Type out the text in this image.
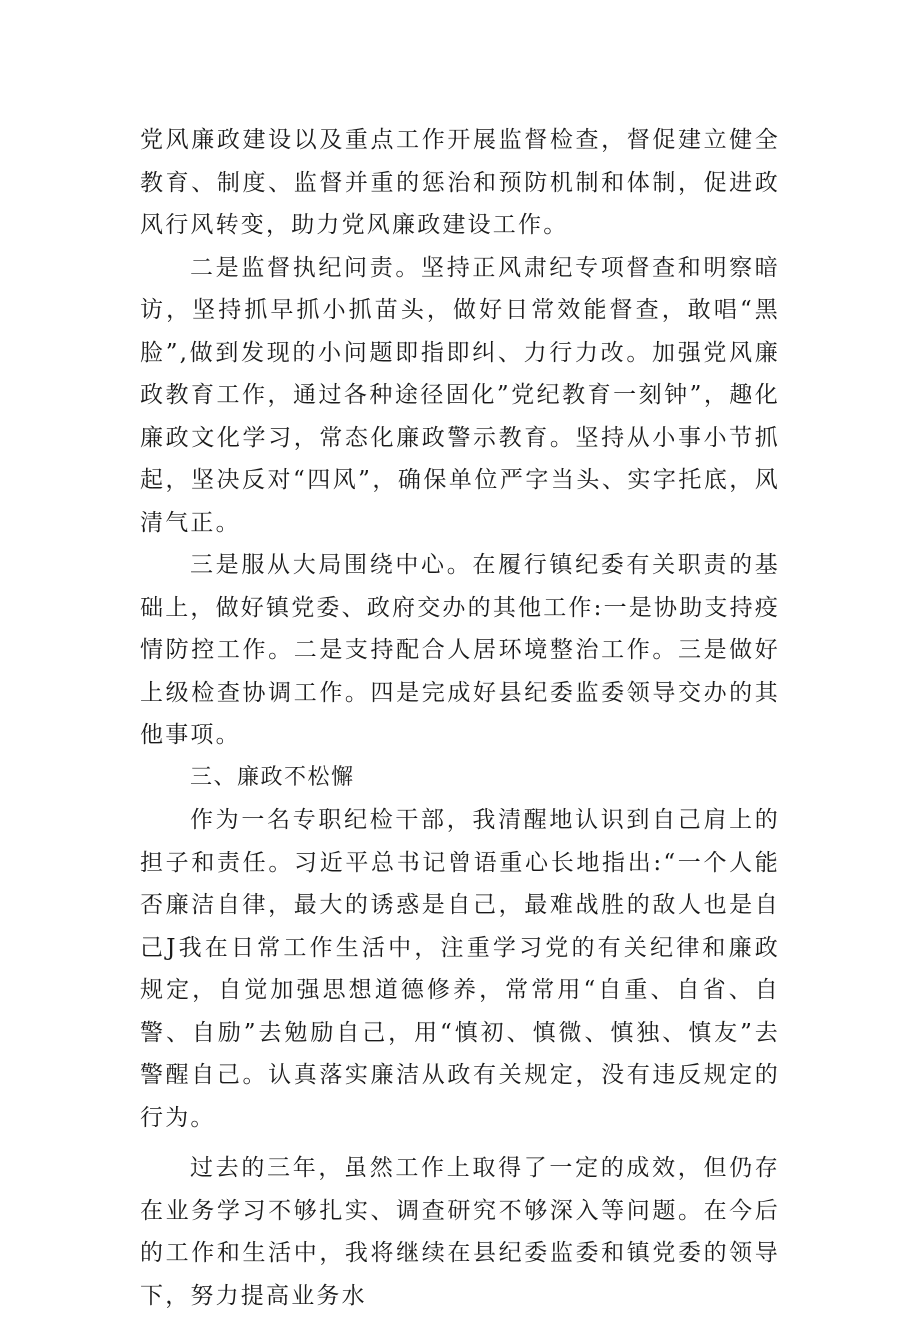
党风廉政建设以及重点工作开展监督检查，督促建立健全教育、制度、监督并重的惩治和预防机制和体制，促进政风行风转变，助力党风廉政建设工作。

二是监督执纪问责。坚持正风肃纪专项督查和明察暗访，坚持抓早抓小抓苗头，做好日常效能督查，敢唱“黑脸”,做到发现的小问题即指即纠、力行力改。加强党风廉政教育工作，通过各种途径固化”党纪教育一刻钟”，趣化廉政文化学习，常态化廉政警示教育。坚持从小事小节抓起，坚决反对“四风”，确保单位严字当头、实字托底，风清气正。

三是服从大局围绕中心。在履行镇纪委有关职责的基础上，做好镇党委、政府交办的其他工作:一是协助支持疫情防控工作。二是支持配合人居环境整治工作。三是做好上级检查协调工作。四是完成好县纪委监委领导交办的其他事项。

三、廉政不松懈

作为一名专职纪检干部，我清醒地认识到自己肩上的担子和责任。习近平总书记曾语重心长地指出:“一个人能否廉洁自律，最大的诱惑是自己，最难战胜的敌人也是自己J我在日常工作生活中，注重学习党的有关纪律和廉政规定，自觉加强思想道德修养，常常用“自重、自省、自警、自励”去勉励自己，用“慎初、慎微、慎独、慎友”去警醒自己。认真落实廉洁从政有关规定，没有违反规定的行为。

过去的三年，虽然工作上取得了一定的成效，但仍存在业务学习不够扎实、调查研究不够深入等问题。在今后的工作和生活中，我将继续在县纪委监委和镇党委的领导下，努力提高业务水
